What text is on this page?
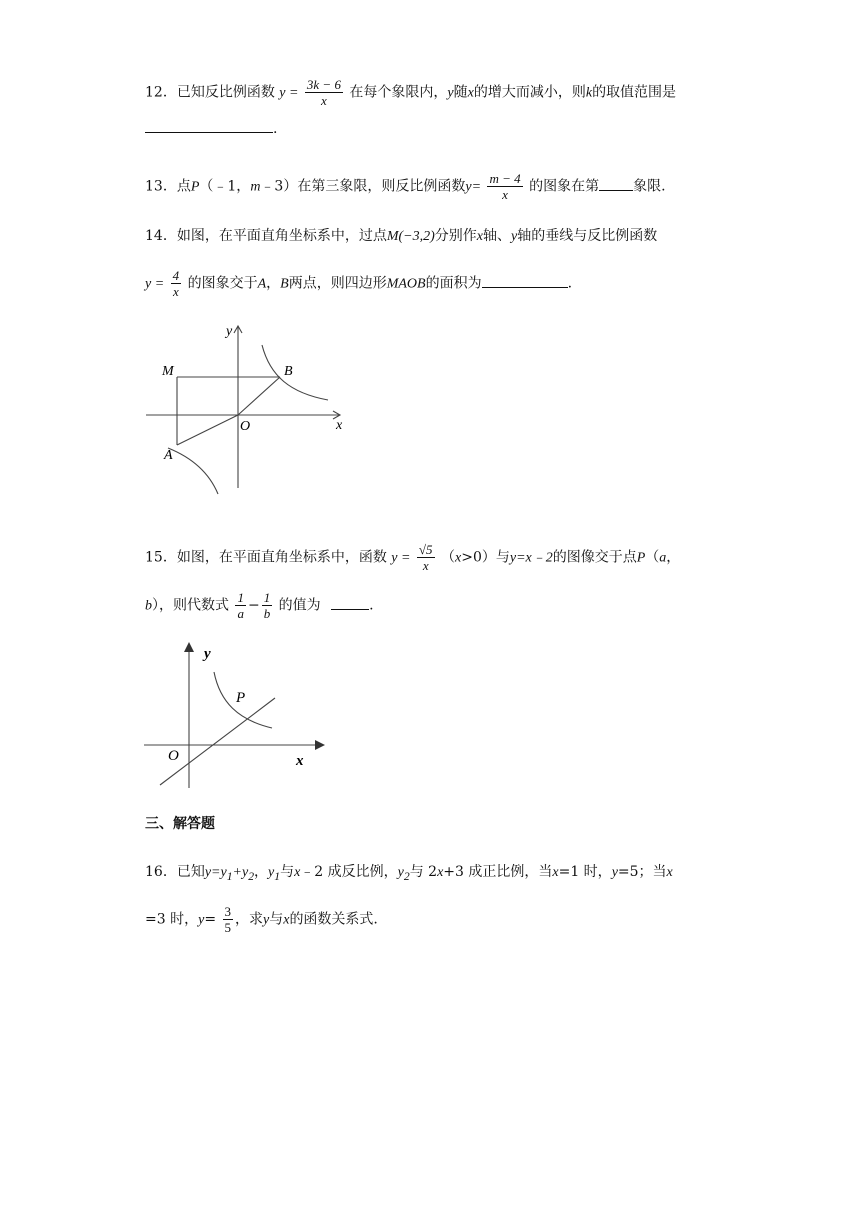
12．已知反比例函数 $y = \frac{3k - 6}{x}$ 在每个象限内，y随x的增大而减小，则k的取值范围是
.
13．点P（﹣1，m﹣3）在第三象限，则反比例函数$y= \frac{m - 4}{x}$ 的图象在第 象限.
14．如图，在平面直角坐标系中，过点M(−3,2)分别作x轴、y轴的垂线与反比例函数
$y = \frac{4}{x}$ 的图象交于A，B两点，则四边形MAOB的面积为	.
y
x
M	B
O
A
15．如图，在平面直角坐标系中，函数 $y = \frac{√5}{x} (x>0)$与y=x﹣2的图像交于点P（a，
b），则代数式 $\frac{1}{a} - \frac{1}{b}$ 的值为	.
y
x
P
O
三、解答题
16．已知$y=y_1+y_2$，$y_1$与x﹣2 成反比例，$y_2$与 2x+3 成正比例，当x=1 时，y=5；当x
=3 时，$y= \frac{3}{5}$ ，求y与x的函数关系式.
